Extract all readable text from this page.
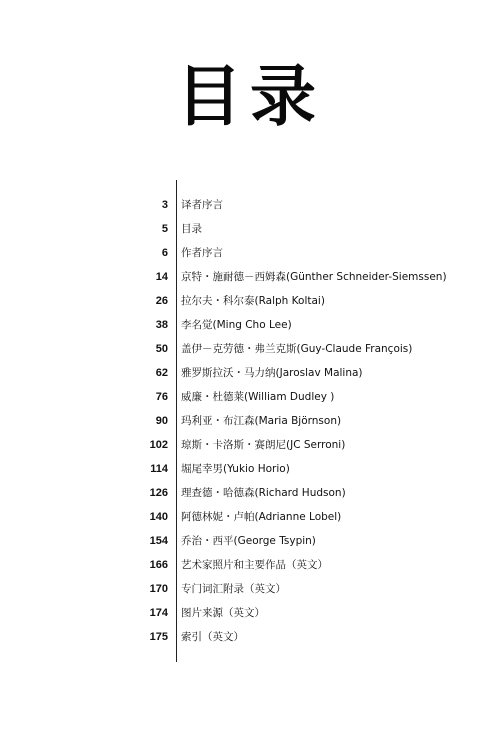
目录
3 译者序言
5 目录
6 作者序言
14 京特・施耐德－西姆森(Günther Schneider-Siemssen)
26 拉尔夫・科尔泰(Ralph Koltai)
38 李名觉(Ming Cho Lee)
50 盖伊－克劳德・弗兰克斯(Guy-Claude François)
62 雅罗斯拉沃・马力纳(Jaroslav Malina)
76 威廉・杜德莱(William Dudley )
90 玛利亚・布江森(Maria Björnson)
102 琼斯・卡洛斯・赛朗尼(JC Serroni)
114 堀尾幸男(Yukio Horio)
126 理查德・哈德森(Richard Hudson)
140 阿德林妮・卢帕(Adrianne Lobel)
154 乔治・西平(George Tsypin)
166 艺术家照片和主要作品（英文）
170 专门词汇附录（英文）
174 图片来源（英文）
175 索引（英文）
